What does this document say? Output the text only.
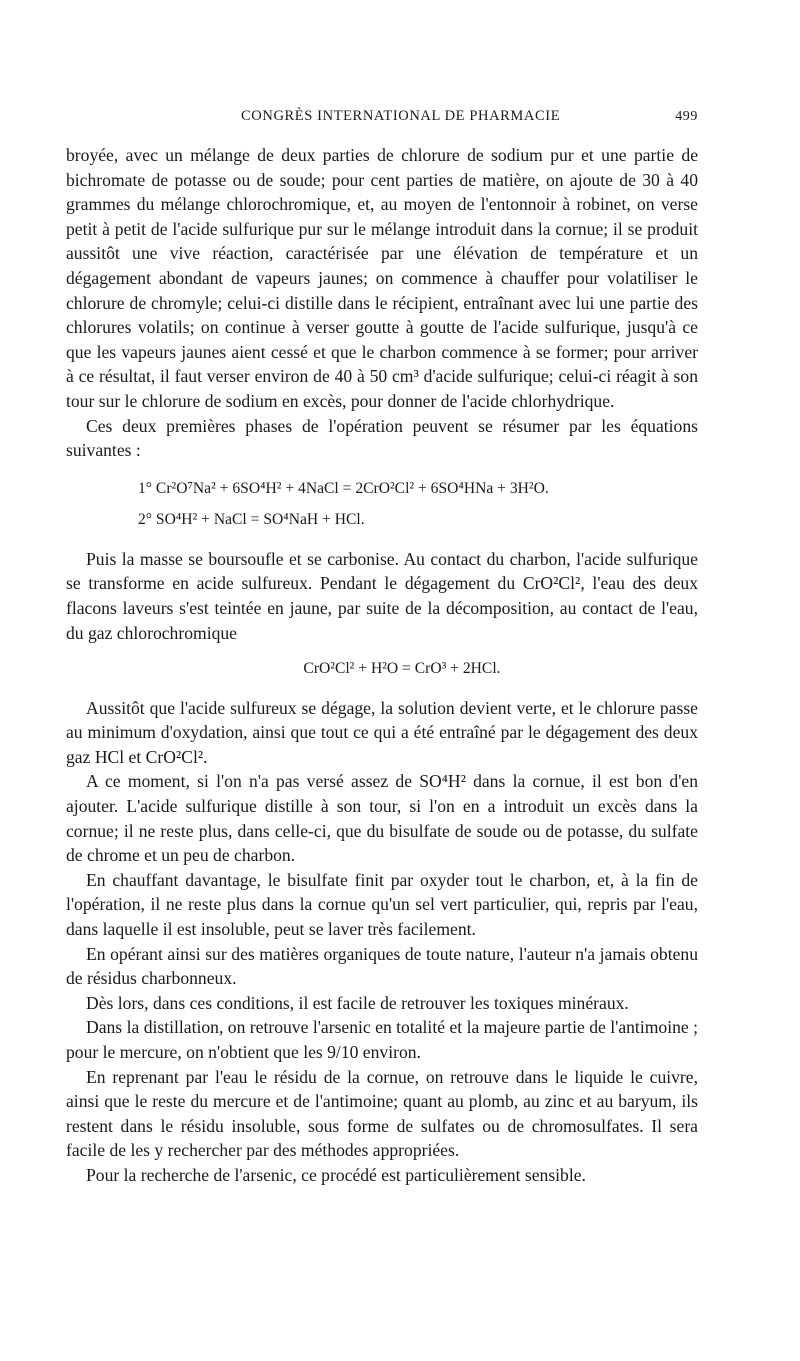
CONGRÈS INTERNATIONAL DE PHARMACIE	499

broyée, avec un mélange de deux parties de chlorure de sodium pur et une partie de bichromate de potasse ou de soude; pour cent parties de matière, on ajoute de 30 à 40 grammes du mélange chlorochromique, et, au moyen de l'entonnoir à robinet, on verse petit à petit de l'acide sulfurique pur sur le mélange introduit dans la cornue; il se produit aussitôt une vive réaction, caractérisée par une élévation de température et un dégagement abondant de vapeurs jaunes; on commence à chauffer pour volatiliser le chlorure de chromyle; celui-ci distille dans le récipient, entraînant avec lui une partie des chlorures volatils; on continue à verser goutte à goutte de l'acide sulfurique, jusqu'à ce que les vapeurs jaunes aient cessé et que le charbon commence à se former; pour arriver à ce résultat, il faut verser environ de 40 à 50 cm³ d'acide sulfurique; celui-ci réagit à son tour sur le chlorure de sodium en excès, pour donner de l'acide chlorhydrique.

Ces deux premières phases de l'opération peuvent se résumer par les équations suivantes :

1° Cr²O⁷Na² + 6SO⁴H² + 4NaCl = 2CrO²Cl² + 6SO⁴HNa + 3H²O.
2° SO⁴H² + NaCl = SO⁴NaH + HCl.

Puis la masse se boursoufle et se carbonise. Au contact du charbon, l'acide sulfurique se transforme en acide sulfureux. Pendant le dégagement du CrO²Cl², l'eau des deux flacons laveurs s'est teintée en jaune, par suite de la décomposition, au contact de l'eau, du gaz chlorochromique

CrO²Cl² + H²O = CrO³ + 2HCl.

Aussitôt que l'acide sulfureux se dégage, la solution devient verte, et le chlorure passe au minimum d'oxydation, ainsi que tout ce qui a été entraîné par le dégagement des deux gaz HCl et CrO²Cl².

A ce moment, si l'on n'a pas versé assez de SO⁴H² dans la cornue, il est bon d'en ajouter. L'acide sulfurique distille à son tour, si l'on en a introduit un excès dans la cornue; il ne reste plus, dans celle-ci, que du bisulfate de soude ou de potasse, du sulfate de chrome et un peu de charbon.

En chauffant davantage, le bisulfate finit par oxyder tout le charbon, et, à la fin de l'opération, il ne reste plus dans la cornue qu'un sel vert particulier, qui, repris par l'eau, dans laquelle il est insoluble, peut se laver très facilement.

En opérant ainsi sur des matières organiques de toute nature, l'auteur n'a jamais obtenu de résidus charbonneux.

Dès lors, dans ces conditions, il est facile de retrouver les toxiques minéraux.

Dans la distillation, on retrouve l'arsenic en totalité et la majeure partie de l'antimoine ; pour le mercure, on n'obtient que les 9/10 environ.

En reprenant par l'eau le résidu de la cornue, on retrouve dans le liquide le cuivre, ainsi que le reste du mercure et de l'antimoine; quant au plomb, au zinc et au baryum, ils restent dans le résidu insoluble, sous forme de sulfates ou de chromosulfates. Il sera facile de les y rechercher par des méthodes appropriées.

Pour la recherche de l'arsenic, ce procédé est particulièrement sensible.
